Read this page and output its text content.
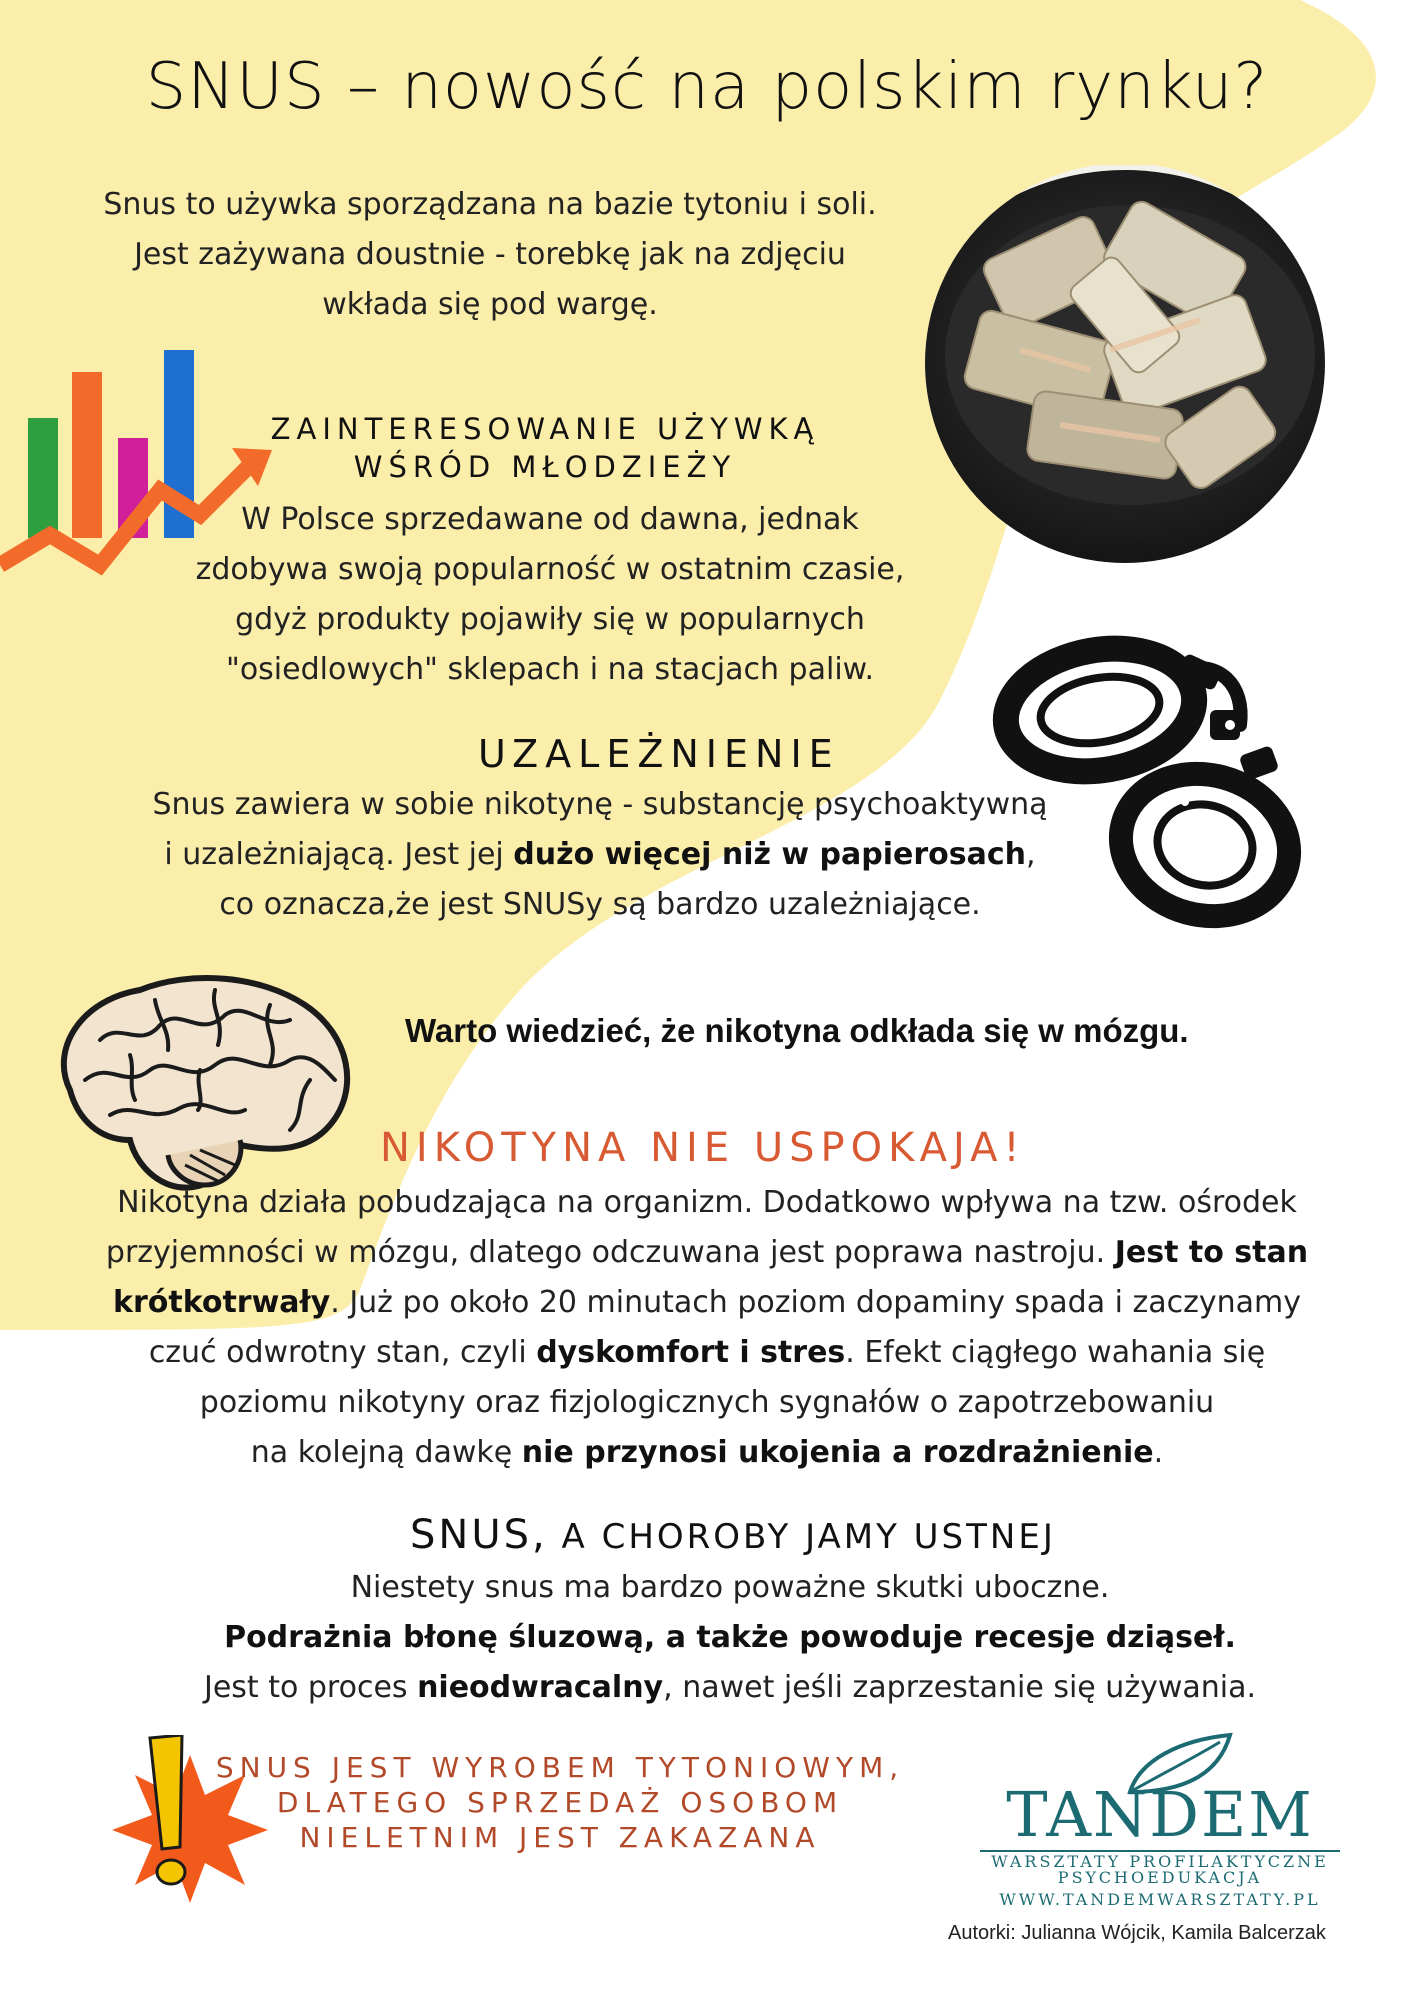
SNUS – nowość na polskim rynku?
Snus to używka sporządzana na bazie tytoniu i soli.
Jest zażywana doustnie - torebkę jak na zdjęciu
wkłada się pod wargę.
ZAINTERESOWANIE UŻYWKĄ
WŚRÓD MŁODZIEŻY
W Polsce sprzedawane od dawna, jednak
zdobywa swoją popularność w ostatnim czasie,
gdyż produkty pojawiły się w popularnych
"osiedlowych" sklepach i na stacjach paliw.
UZALEŻNIENIE
Snus zawiera w sobie nikotynę - substancję psychoaktywną
i uzależniającą. Jest jej dużo więcej niż w papierosach,
co oznacza,że jest SNUSy są bardzo uzależniające.
Warto wiedzieć, że nikotyna odkłada się w mózgu.
NIKOTYNA NIE USPOKAJA!
Nikotyna działa pobudzająca na organizm. Dodatkowo wpływa na tzw. ośrodek
przyjemności w mózgu, dlatego odczuwana jest poprawa nastroju. Jest to stan
krótkotrwały. Już po około 20 minutach poziom dopaminy spada i zaczynamy
czuć odwrotny stan, czyli dyskomfort i stres. Efekt ciągłego wahania się
poziomu nikotyny oraz fizjologicznych sygnałów o zapotrzebowaniu
na kolejną dawkę nie przynosi ukojenia a rozdrażnienie.
SNUS, A CHOROBY JAMY USTNEJ
Niestety snus ma bardzo poważne skutki uboczne.
Podrażnia błonę śluzową, a także powoduje recesje dziąseł.
Jest to proces nieodwracalny, nawet jeśli zaprzestanie się używania.
SNUS JEST WYROBEM TYTONIOWYM,
DLATEGO SPRZEDAŻ OSOBOM
NIELETNIM JEST ZAKAZANA	TANDEM
WARSZTATY PROFILAKTYCZNE
PSYCHOEDUKACJA
WWW.TANDEMWARSZTATY.PL
Autorki: Julianna Wójcik, Kamila Balcerzak
